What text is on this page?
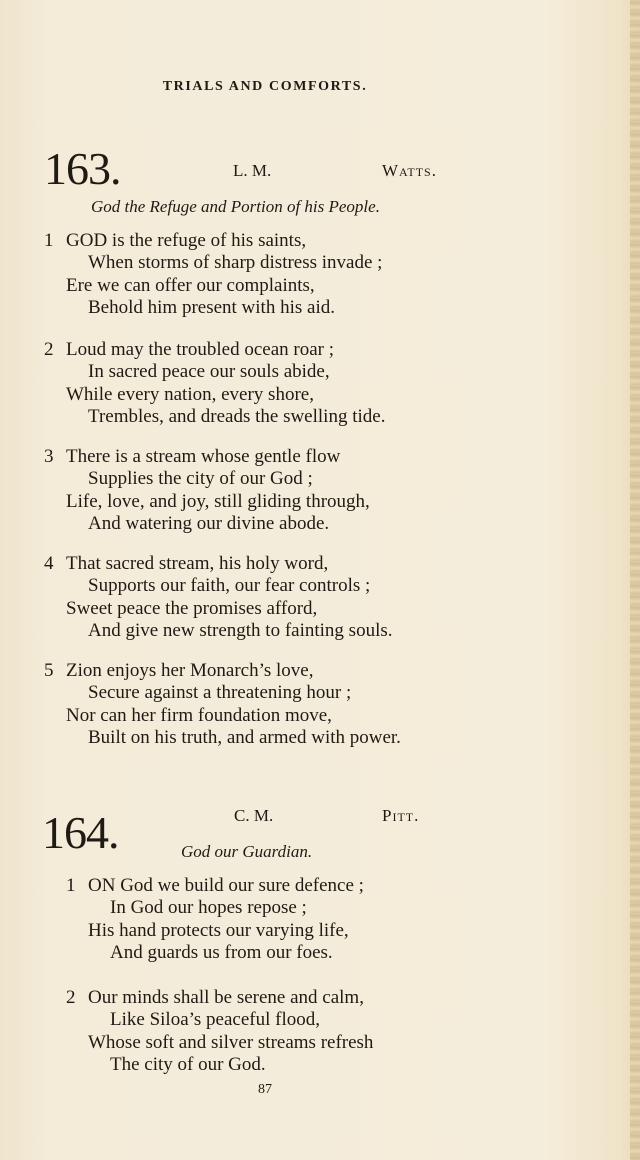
TRIALS AND COMFORTS.
163.	L. M.	Watts.
God the Refuge and Portion of his People.
1 GOD is the refuge of his saints,
When storms of sharp distress invade ;
Ere we can offer our complaints,
Behold him present with his aid.
2 Loud may the troubled ocean roar ;
In sacred peace our souls abide,
While every nation, every shore,
Trembles, and dreads the swelling tide.
3 There is a stream whose gentle flow
Supplies the city of our God ;
Life, love, and joy, still gliding through,
And watering our divine abode.
4 That sacred stream, his holy word,
Supports our faith, our fear controls ;
Sweet peace the promises afford,
And give new strength to fainting souls.
5 Zion enjoys her Monarch’s love,
Secure against a threatening hour ;
Nor can her firm foundation move,
Built on his truth, and armed with power.
164.	C. M.	Pitt.
God our Guardian.
1 ON God we build our sure defence ;
In God our hopes repose ;
His hand protects our varying life,
And guards us from our foes.
2 Our minds shall be serene and calm,
Like Siloa’s peaceful flood,
Whose soft and silver streams refresh
The city of our God.
87
